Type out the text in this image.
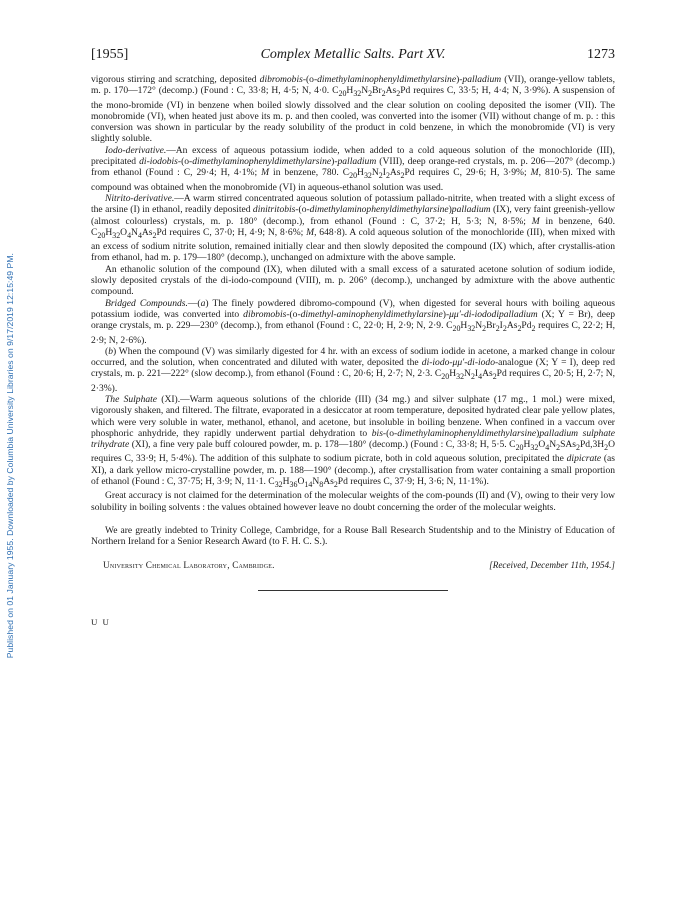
Published on 01 January 1955. Downloaded by Columbia University Libraries on 9/17/2019 12:15:49 PM.
[1955]	Complex Metallic Salts. Part XV.	1273

vigorous stirring and scratching, deposited dibromobis-(o-dimethylaminophenyldimethylarsine)-palladium (VII), orange-yellow tablets, m. p. 170—172° (decomp.) (Found : C, 33·8; H, 4·5; N, 4·0. $C_{20}H_{32}N_2Br_2As_2Pd$ requires C, 33·5; H, 4·4; N, 3·9%). A suspension of the mono-bromide (VI) in benzene when boiled slowly dissolved and the clear solution on cooling deposited the isomer (VII). The monobromide (VI), when heated just above its m. p. and then cooled, was converted into the isomer (VII) without change of m. p. : this conversion was shown in particular by the ready solubility of the product in cold benzene, in which the monobromide (VI) is very slightly soluble.

Iodo-derivative.—An excess of aqueous potassium iodide, when added to a cold aqueous solution of the monochloride (III), precipitated di-iodobis-(o-dimethylaminophenyldimethylarsine)-palladium (VIII), deep orange-red crystals, m. p. 206—207° (decomp.) from ethanol (Found : C, 29·4; H, 4·1%; M in benzene, 780. $C_{20}H_{32}N_2I_2As_2Pd$ requires C, 29·6; H, 3·9%; M, 810·5). The same compound was obtained when the monobromide (VI) in aqueous-ethanol solution was used.

Nitrito-derivative.—A warm stirred concentrated aqueous solution of potassium pallado-nitrite, when treated with a slight excess of the arsine (I) in ethanol, readily deposited dinitritobis-(o-dimethylaminophenyldimethylarsine)palladium (IX), very faint greenish-yellow (almost colourless) crystals, m. p. 180° (decomp.), from ethanol (Found : C, 37·2; H, 5·3; N, 8·5%; M in benzene, 640. $C_{20}H_{32}O_4N_4As_2Pd$ requires C, 37·0; H, 4·9; N, 8·6%; M, 648·8). A cold aqueous solution of the monochloride (III), when mixed with an excess of sodium nitrite solution, remained initially clear and then slowly deposited the compound (IX) which, after crystallis-ation from ethanol, had m. p. 179—180° (decomp.), unchanged on admixture with the above sample.

An ethanolic solution of the compound (IX), when diluted with a small excess of a saturated acetone solution of sodium iodide, slowly deposited crystals of the di-iodo-compound (VIII), m. p. 206° (decomp.), unchanged by admixture with the above authentic compound.

Bridged Compounds.—(a) The finely powdered dibromo-compound (V), when digested for several hours with boiling aqueous potassium iodide, was converted into dibromobis-(o-dimethyl-aminophenyldimethylarsine)-μμ′-di-iododipalladium (X; Y = Br), deep orange crystals, m. p. 229—230° (decomp.), from ethanol (Found : C, 22·0; H, 2·9; N, 2·9. $C_{20}H_{32}N_2Br_2I_2As_2Pd_2$ requires C, 22·2; H, 2·9; N, 2·6%).

(b) When the compound (V) was similarly digested for 4 hr. with an excess of sodium iodide in acetone, a marked change in colour occurred, and the solution, when concentrated and diluted with water, deposited the di-iodo-μμ′-di-iodo-analogue (X; Y = I), deep red crystals, m. p. 221—222° (slow decomp.), from ethanol (Found : C, 20·6; H, 2·7; N, 2·3. $C_{20}H_{32}N_2I_4As_2Pd$ requires C, 20·5; H, 2·7; N, 2·3%).

The Sulphate (XI).—Warm aqueous solutions of the chloride (III) (34 mg.) and silver sulphate (17 mg., 1 mol.) were mixed, vigorously shaken, and filtered. The filtrate, evaporated in a desiccator at room temperature, deposited hydrated clear pale yellow plates, which were very soluble in water, methanol, ethanol, and acetone, but insoluble in boiling benzene. When confined in a vaccum over phosphoric anhydride, they rapidly underwent partial dehydration to bis-(o-dimethylaminophenyldimethylarsine)palladium sulphate trihydrate (XI), a fine very pale buff coloured powder, m. p. 178—180° (decomp.) (Found : C, 33·8; H, 5·5. $C_{20}H_{32}O_4N_2SAs_2Pd,3H_2O$ requires C, 33·9; H, 5·4%). The addition of this sulphate to sodium picrate, both in cold aqueous solution, precipitated the dipicrate (as XI), a dark yellow micro-crystalline powder, m. p. 188—190° (decomp.), after crystallisation from water containing a small proportion of ethanol (Found : C, 37·75; H, 3·9; N, 11·1. $C_{32}H_{36}O_{14}N_8As_2Pd$ requires C, 37·9; H, 3·6; N, 11·1%).

Great accuracy is not claimed for the determination of the molecular weights of the com-pounds (II) and (V), owing to their very low solubility in boiling solvents : the values obtained however leave no doubt concerning the order of the molecular weights.

We are greatly indebted to Trinity College, Cambridge, for a Rouse Ball Research Studentship and to the Ministry of Education of Northern Ireland for a Senior Research Award (to F. H. C. S.).

University Chemical Laboratory, Cambridge.	[Received, December 11th, 1954.]
U U
